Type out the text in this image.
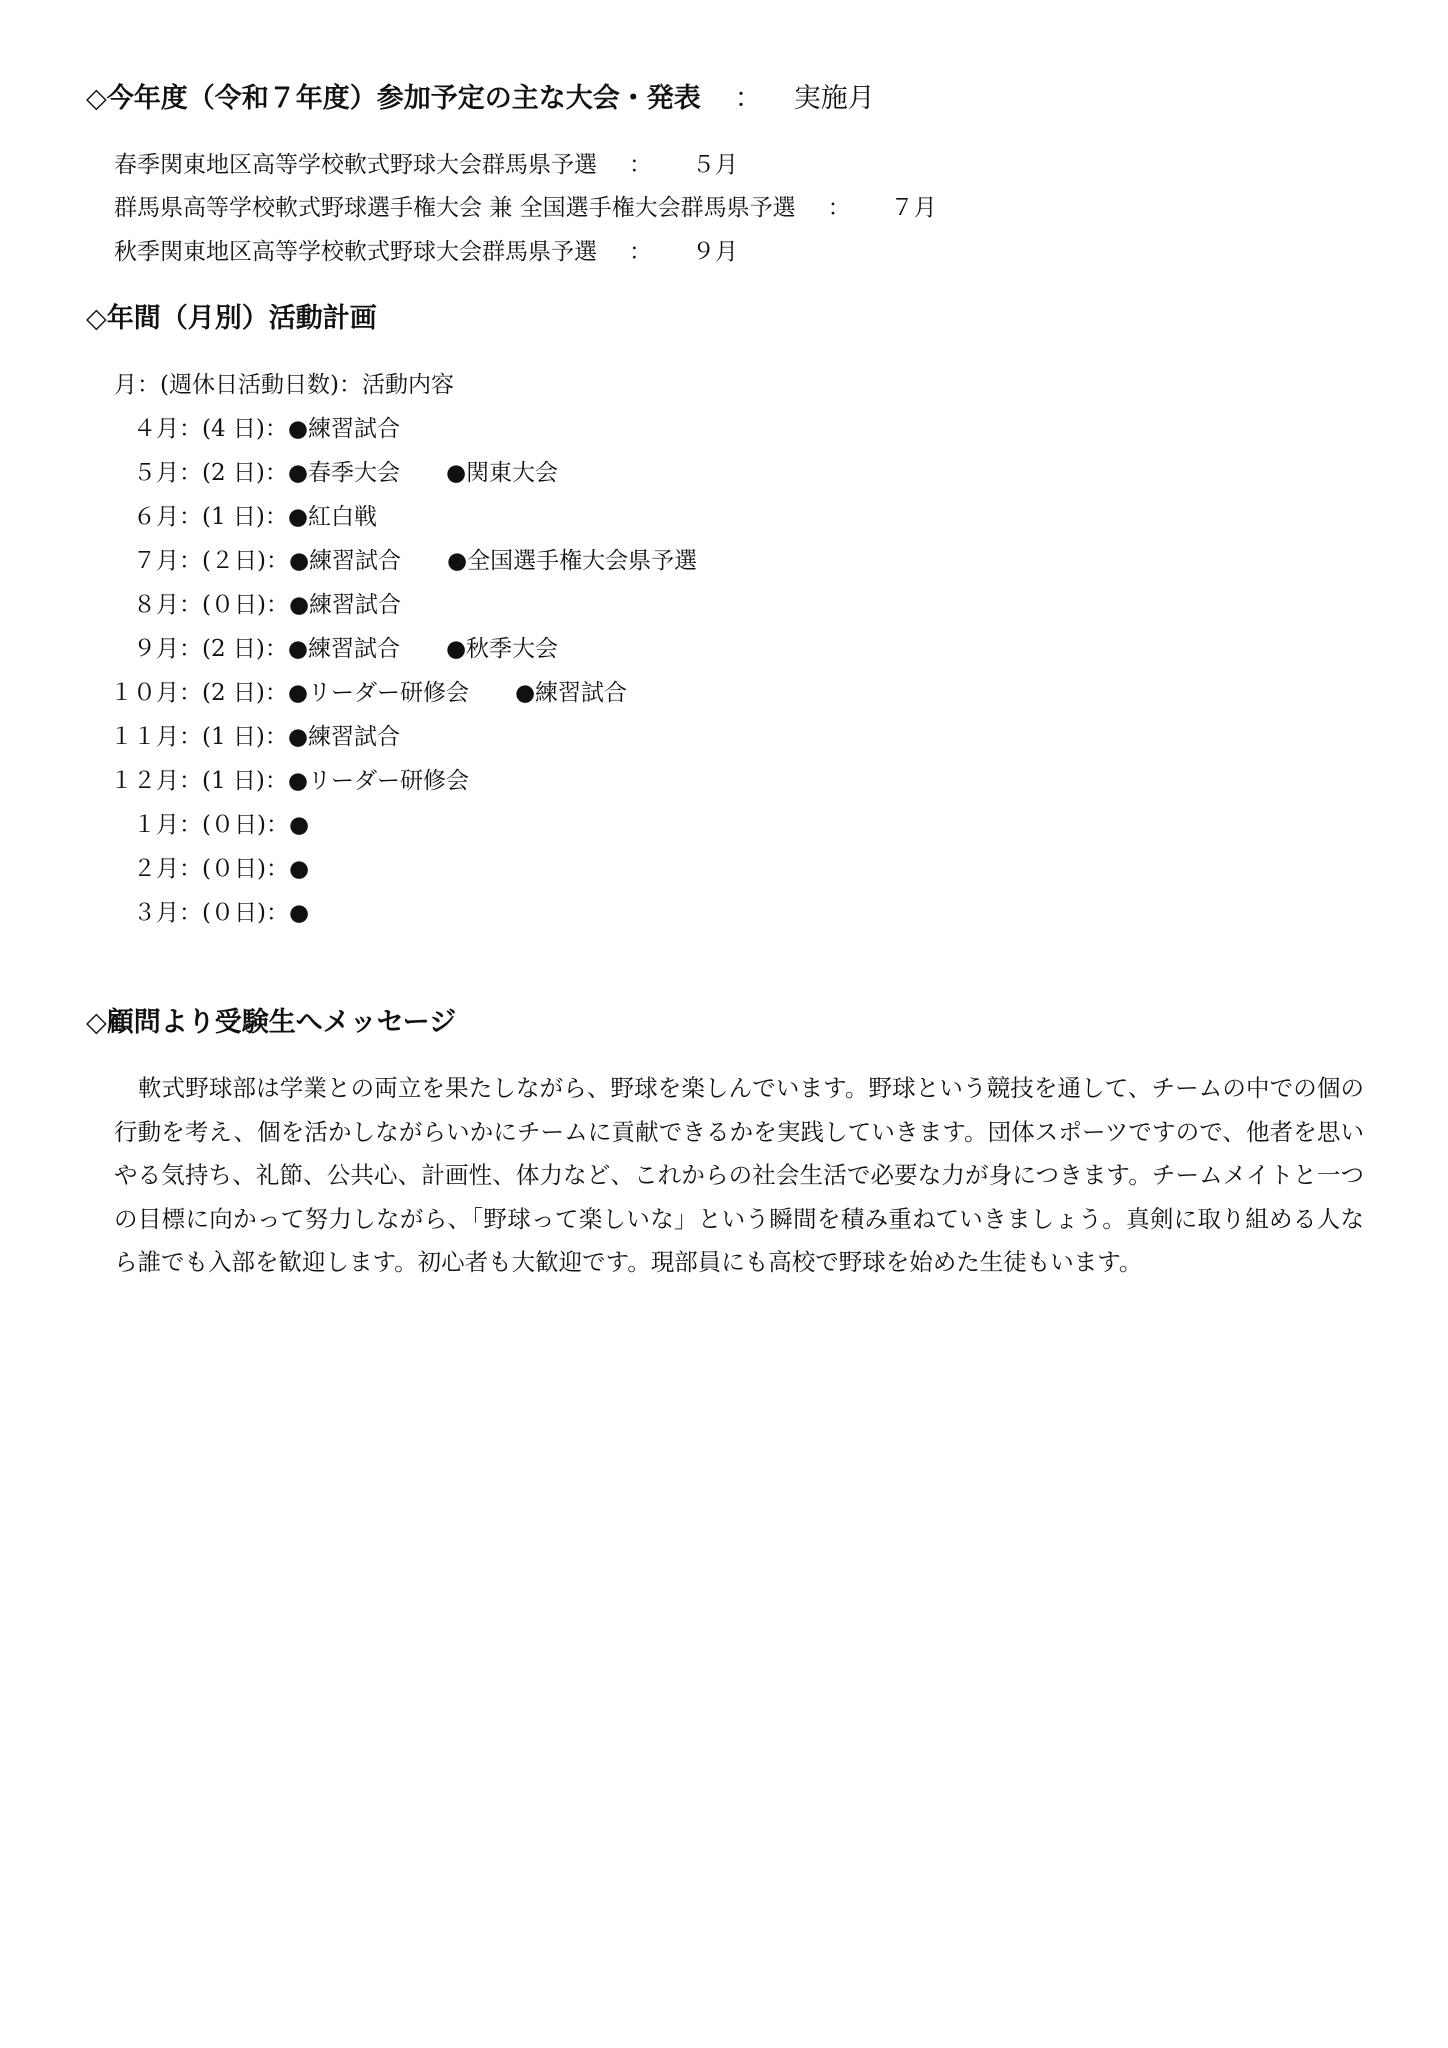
◇今年度（令和７年度）参加予定の主な大会・発表 ： 実施月
春季関東地区高等学校軟式野球大会群馬県予選 ： ５月
群馬県高等学校軟式野球選手権大会 兼 全国選手権大会群馬県予選 ： ７月
秋季関東地区高等学校軟式野球大会群馬県予選 ： ９月
◇年間（月別）活動計画
月：(週休日活動日数)：活動内容
４月：(4 日)：●練習試合
５月：(2 日)：●春季大会 ●関東大会
６月：(1 日)：●紅白戦
７月：(２日)：●練習試合 ●全国選手権大会県予選
８月：(０日)：●練習試合
９月：(2 日)：●練習試合 ●秋季大会
１０月：(2 日)：●リーダー研修会 ●練習試合
１１月：(1 日)：●練習試合
１２月：(1 日)：●リーダー研修会
１月：(０日)：●
２月：(０日)：●
３月：(０日)：●
◇顧問より受験生へメッセージ

軟式野球部は学業との両立を果たしながら、野球を楽しんでいます。野球という競技を通して、チームの中での個の行動を考え、個を活かしながらいかにチームに貢献できるかを実践していきます。団体スポーツですので、他者を思いやる気持ち、礼節、公共心、計画性、体力など、これからの社会生活で必要な力が身につきます。チームメイトと一つの目標に向かって努力しながら、「野球って楽しいな」という瞬間を積み重ねていきましょう。真剣に取り組める人なら誰でも入部を歓迎します。初心者も大歓迎です。現部員にも高校で野球を始めた生徒もいます。
